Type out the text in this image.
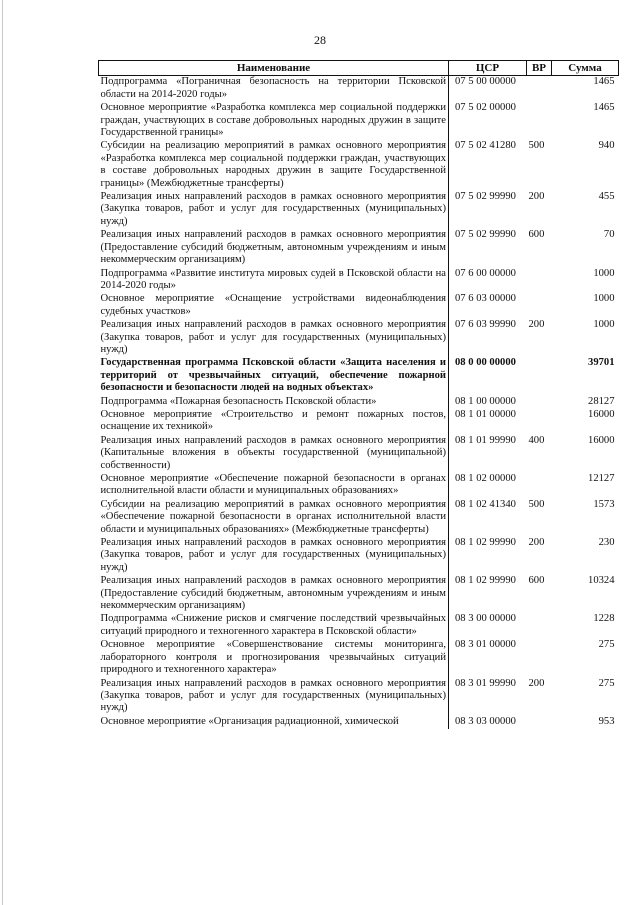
28
Наименование	ЦСР	ВР	Сумма
Подпрограмма «Пограничная безопасность на территории Псковской области на 2014-2020 годы»	07 5 00 00000		1465
Основное мероприятие «Разработка комплекса мер социальной поддержки граждан, участвующих в составе добровольных народных дружин в защите Государственной границы»	07 5 02 00000		1465
Субсидии на реализацию мероприятий в рамках основного мероприятия «Разработка комплекса мер социальной поддержки граждан, участвующих в составе добровольных народных дружин в защите Государственной границы» (Межбюджетные трансферты)	07 5 02 41280	500	940
Реализация иных направлений расходов в рамках основного мероприятия (Закупка товаров, работ и услуг для государственных (муниципальных) нужд)	07 5 02 99990	200	455
Реализация иных направлений расходов в рамках основного мероприятия (Предоставление субсидий бюджетным, автономным учреждениям и иным некоммерческим организациям)	07 5 02 99990	600	70
Подпрограмма «Развитие института мировых судей в Псковской области на 2014-2020 годы»	07 6 00 00000		1000
Основное мероприятие «Оснащение устройствами видеонаблюдения судебных участков»	07 6 03 00000		1000
Реализация иных направлений расходов в рамках основного мероприятия (Закупка товаров, работ и услуг для государственных (муниципальных) нужд)	07 6 03 99990	200	1000
Государственная программа Псковской области «Защита населения и территорий от чрезвычайных ситуаций, обеспечение пожарной безопасности и безопасности людей на водных объектах»	08 0 00 00000		39701
Подпрограмма «Пожарная безопасность Псковской области»	08 1 00 00000		28127
Основное мероприятие «Строительство и ремонт пожарных постов, оснащение их техникой»	08 1 01 00000		16000
Реализация иных направлений расходов в рамках основного мероприятия (Капитальные вложения в объекты государственной (муниципальной) собственности)	08 1 01 99990	400	16000
Основное мероприятие «Обеспечение пожарной безопасности в органах исполнительной власти области и муниципальных образованиях»	08 1 02 00000		12127
Субсидии на реализацию мероприятий в рамках основного мероприятия «Обеспечение пожарной безопасности в органах исполнительной власти области и муниципальных образованиях» (Межбюджетные трансферты)	08 1 02 41340	500	1573
Реализация иных направлений расходов в рамках основного мероприятия (Закупка товаров, работ и услуг для государственных (муниципальных) нужд)	08 1 02 99990	200	230
Реализация иных направлений расходов в рамках основного мероприятия (Предоставление субсидий бюджетным, автономным учреждениям и иным некоммерческим организациям)	08 1 02 99990	600	10324
Подпрограмма «Снижение рисков и смягчение последствий чрезвычайных ситуаций природного и техногенного характера в Псковской области»	08 3 00 00000		1228
Основное мероприятие «Совершенствование системы мониторинга, лабораторного контроля и прогнозирования чрезвычайных ситуаций природного и техногенного характера»	08 3 01 00000		275
Реализация иных направлений расходов в рамках основного мероприятия (Закупка товаров, работ и услуг для государственных (муниципальных) нужд)	08 3 01 99990	200	275
Основное мероприятие «Организация радиационной, химической	08 3 03 00000		953
